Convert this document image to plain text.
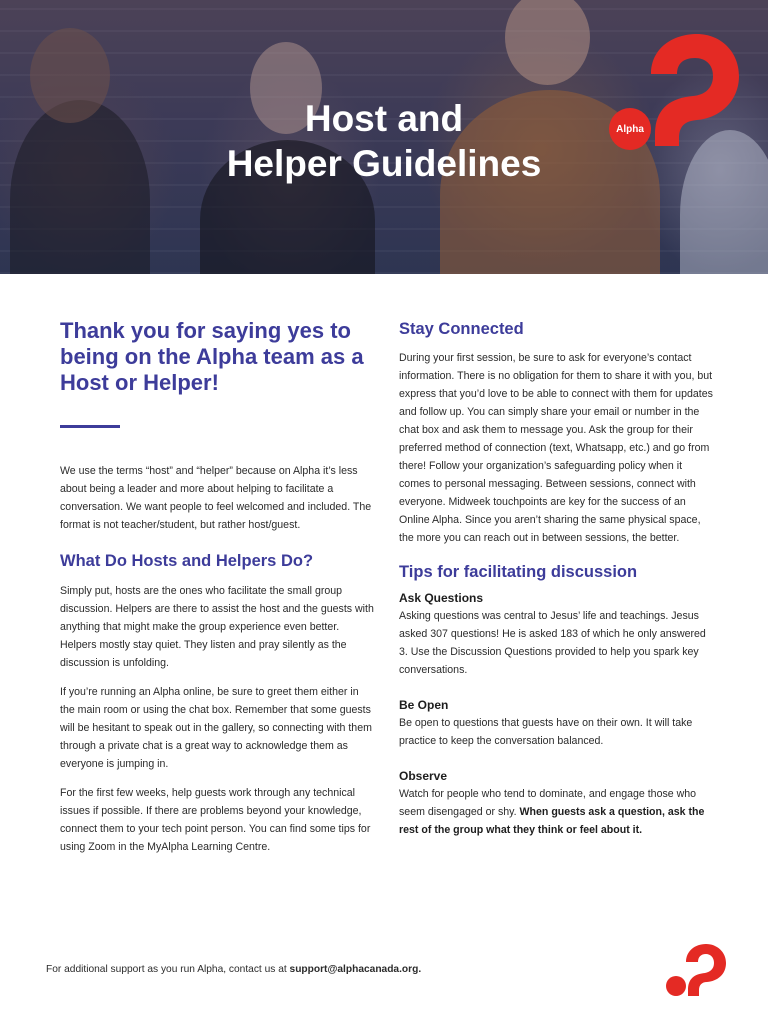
Host and
Helper Guidelines
Alpha
Thank you for saying yes to being on the Alpha team as a Host or Helper!

We use the terms “host” and “helper” because on Alpha it’s less about being a leader and more about helping to facilitate a conversation. We want people to feel welcomed and included. The format is not teacher/student, but rather host/guest.

What Do Hosts and Helpers Do?

Simply put, hosts are the ones who facilitate the small group discussion. Helpers are there to assist the host and the guests with anything that might make the group experience even better. Helpers mostly stay quiet. They listen and pray silently as the discussion is unfolding.

If you’re running an Alpha online, be sure to greet them either in the main room or using the chat box. Remember that some guests will be hesitant to speak out in the gallery, so connecting with them through a private chat is a great way to acknowledge them as everyone is jumping in.

For the first few weeks, help guests work through any technical issues if possible. If there are problems beyond your knowledge, connect them to your tech point person. You can find some tips for using Zoom in the MyAlpha Learning Centre.

Stay Connected

During your first session, be sure to ask for everyone’s contact information. There is no obligation for them to share it with you, but express that you’d love to be able to connect with them for updates and follow up. You can simply share your email or number in the chat box and ask them to message you. Ask the group for their preferred method of connection (text, Whatsapp, etc.) and go from there! Follow your organization’s safeguarding policy when it comes to personal messaging. Between sessions, connect with everyone. Midweek touchpoints are key for the success of an Online Alpha. Since you aren’t sharing the same physical space, the more you can reach out in between sessions, the better.

Tips for facilitating discussion
Ask Questions

Asking questions was central to Jesus’ life and teachings. Jesus asked 307 questions! He is asked 183 of which he only answered 3. Use the Discussion Questions provided to help you spark key conversations.

Be Open

Be open to questions that guests have on their own. It will take practice to keep the conversation balanced.

Observe

Watch for people who tend to dominate, and engage those who seem disengaged or shy. When guests ask a question, ask the rest of the group what they think or feel about it.

For additional support as you run Alpha, contact us at support@alphacanada.org.
